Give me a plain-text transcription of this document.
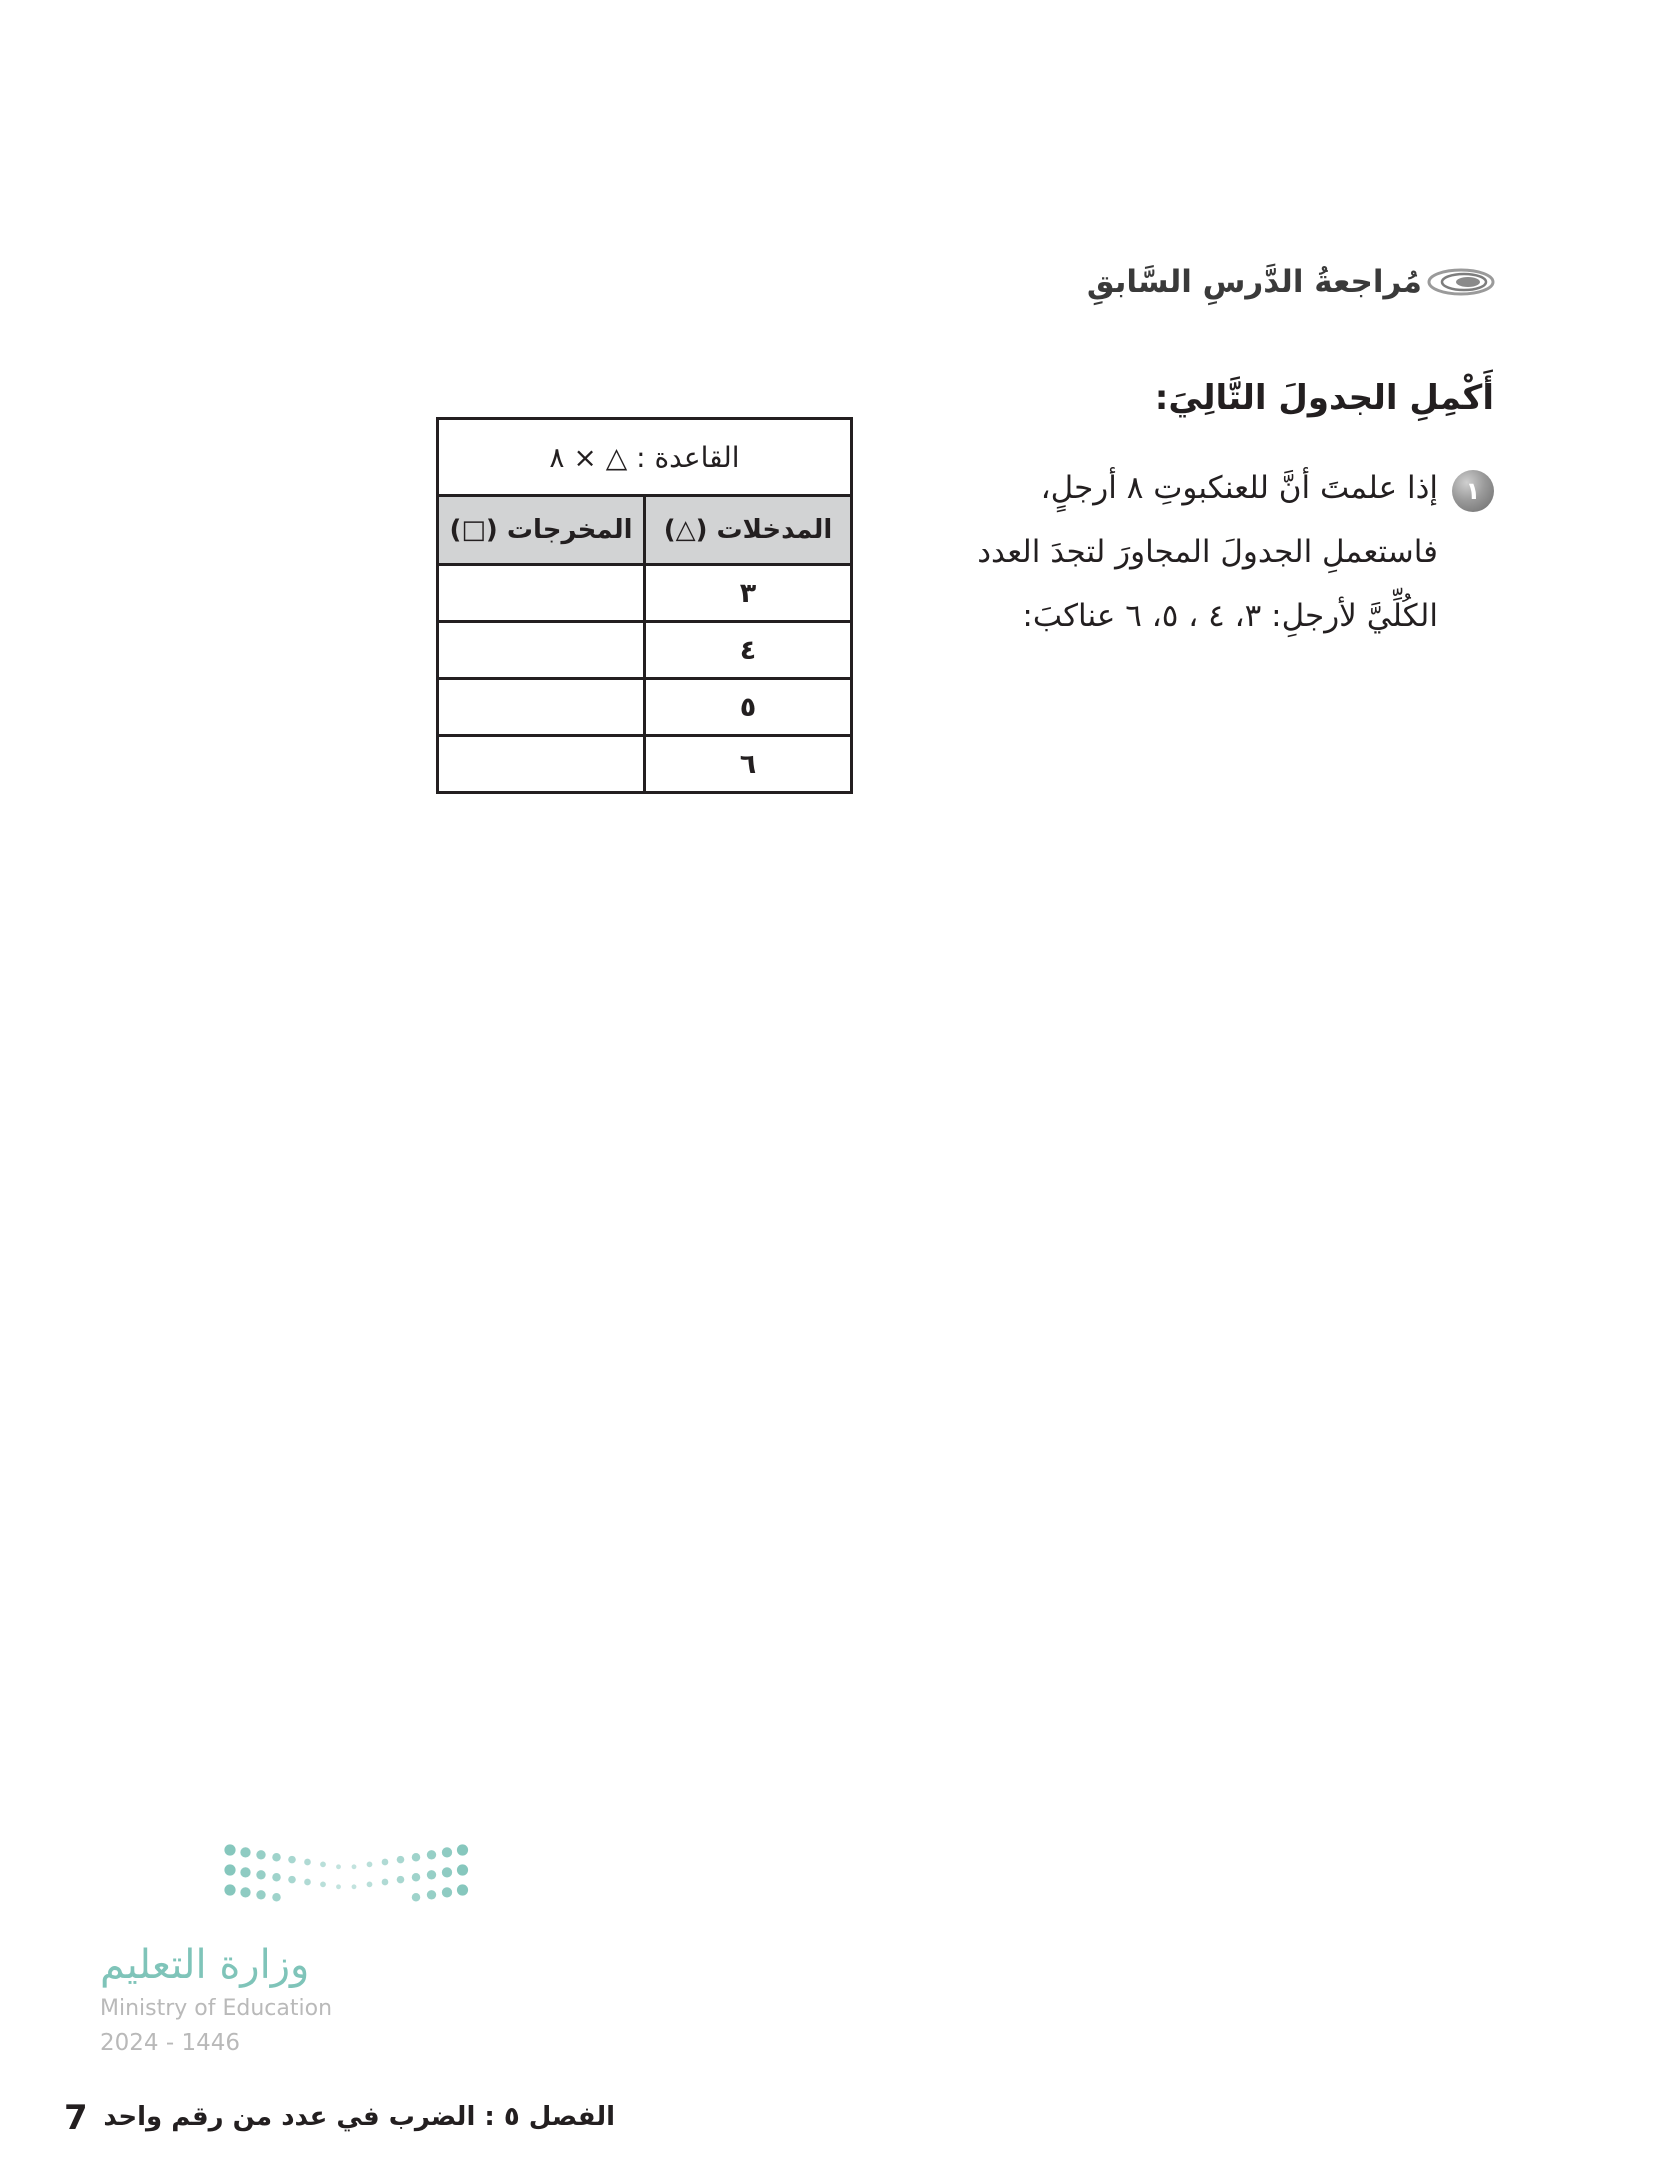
مُراجعةُ الدَّرسِ السَّابقِ
أَكْمِلِ الجدولَ التَّالِيَ:
١
إذا علمتَ أنَّ للعنكبوتِ ٨ أرجلٍ،
فاستعملِ الجدولَ المجاورَ لتجدَ العدد
الكُلِّيَّ لأرجلِ: ٣، ٤ ، ٥، ٦ عناكبَ:
القاعدة : △ × ٨	
المدخلات (△)	المخرجات (□)
٣	
٤	
٥	
٦	
وزارة التعليم
Ministry of Education
2024 - 1446
7 الفصل ٥ : الضرب في عدد من رقم واحد
